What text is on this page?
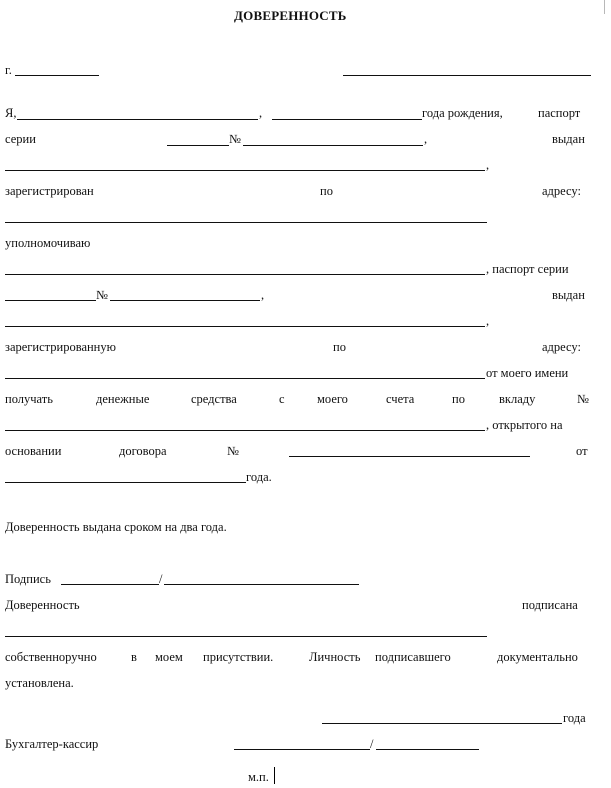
ДОВЕРЕННОСТЬ
г.
Я,	,	года рождения,	паспорт
серии	№	,	выдан
,
зарегистрирован	по	адресу:
уполномочиваю
, паспорт серии
№	,	выдан
,
зарегистрированную	по	адресу:
от моего имени
получать	денежные	средства	с	моего	счета	по	вкладу	№
, открытого на
основании	договора	№	от
года.
Доверенность выдана сроком на два года.
Подпись	/
Доверенность	подписана
собственноручно	в моем присутствии.	Личность подписавшего	документально
установлена.
года
Бухгалтер-кассир	/
м.п.
